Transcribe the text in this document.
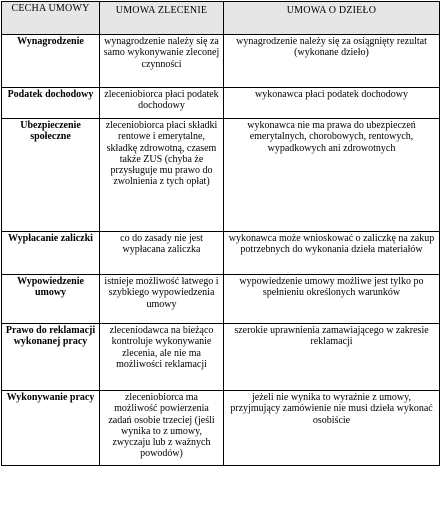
CECHA UMOWY	UMOWA ZLECENIE	UMOWA O DZIEŁO

Wynagrodzenie	wynagrodzenie należy się za samo wykonywanie zleconej czynności	wynagrodzenie należy się za osiągnięty rezultat (wykonane dzieło)
Podatek dochodowy	zleceniobiorca płaci podatek dochodowy	wykonawca płaci podatek dochodowy
Ubezpieczenie społeczne	zleceniobiorca płaci składki rentowe i emerytalne, składkę zdrowotną, czasem także ZUS (chyba że przysługuje mu prawo do zwolnienia z tych opłat)	wykonawca nie ma prawa do ubezpieczeń emerytalnych, chorobowych, rentowych, wypadkowych ani zdrowotnych
Wypłacanie zaliczki	co do zasady nie jest wypłacana zaliczka	wykonawca może wnioskować o zaliczkę na zakup potrzebnych do wykonania dzieła materiałów
Wypowiedzenie umowy	istnieje możliwość łatwego i szybkiego wypowiedzenia umowy	wypowiedzenie umowy możliwe jest tylko po spełnieniu określonych warunków
Prawo do reklamacji wykonanej pracy	zleceniodawca na bieżąco kontroluje wykonywanie zlecenia, ale nie ma możliwości reklamacji	szerokie uprawnienia zamawiającego w zakresie reklamacji
Wykonywanie pracy	zleceniobiorca ma możliwość powierzenia zadań osobie trzeciej (jeśli wynika to z umowy, zwyczaju lub z ważnych powodów)	jeżeli nie wynika to wyraźnie z umowy, przyjmujący zamówienie nie musi dzieła wykonać osobiście
